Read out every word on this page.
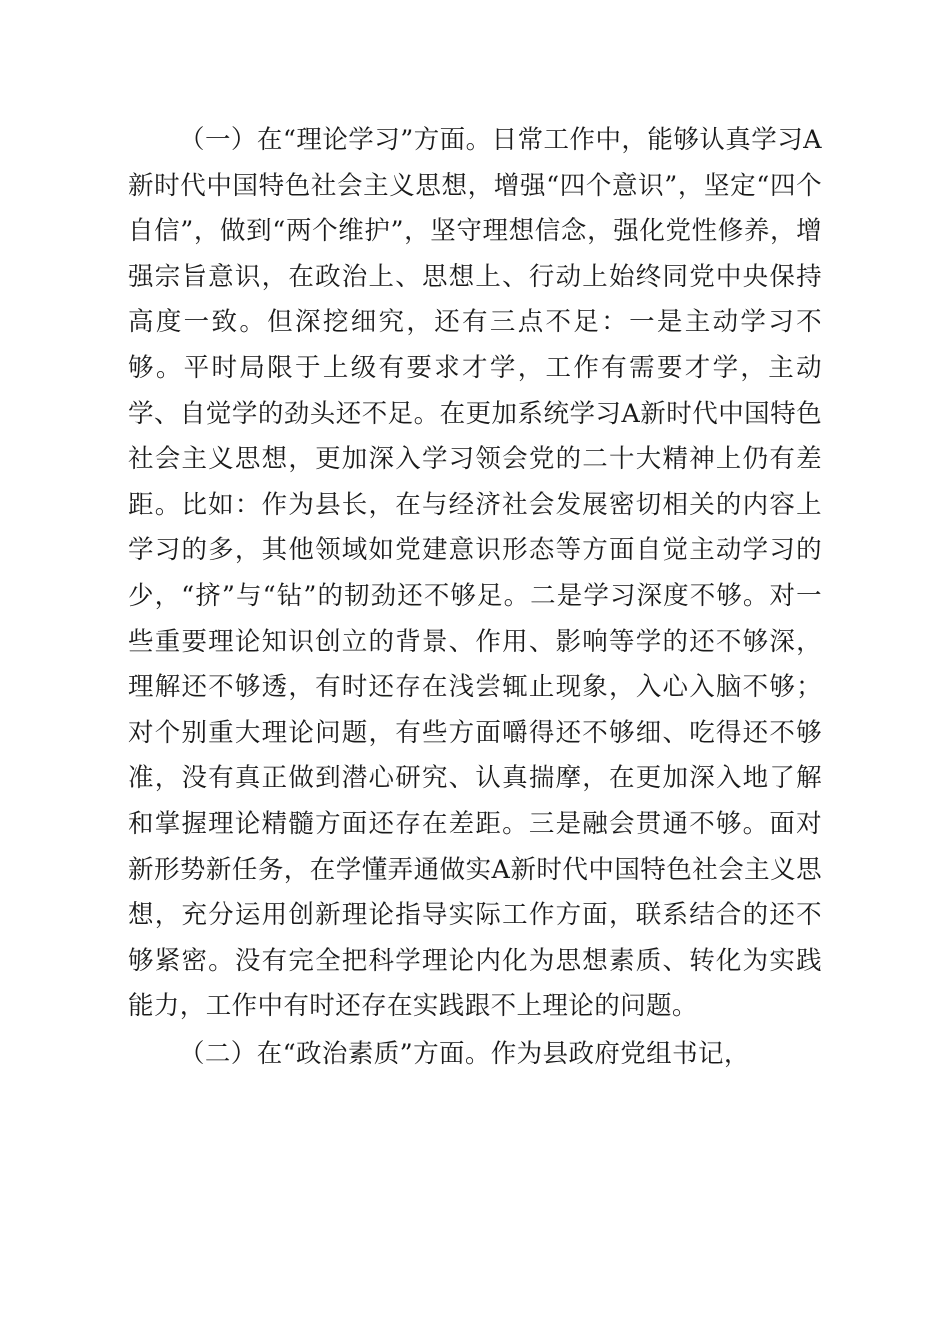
（一）在“理论学习”方面。日常工作中，能够认真学习A新时代中国特色社会主义思想，增强“四个意识”，坚定“四个自信”，做到“两个维护”，坚守理想信念，强化党性修养，增强宗旨意识，在政治上、思想上、行动上始终同党中央保持高度一致。但深挖细究，还有三点不足：一是主动学习不够。平时局限于上级有要求才学，工作有需要才学，主动学、自觉学的劲头还不足。在更加系统学习A新时代中国特色社会主义思想，更加深入学习领会党的二十大精神上仍有差距。比如：作为县长，在与经济社会发展密切相关的内容上学习的多，其他领域如党建意识形态等方面自觉主动学习的少，“挤”与“钻”的韧劲还不够足。二是学习深度不够。对一些重要理论知识创立的背景、作用、影响等学的还不够深，理解还不够透，有时还存在浅尝辄止现象，入心入脑不够；对个别重大理论问题，有些方面嚼得还不够细、吃得还不够准，没有真正做到潜心研究、认真揣摩，在更加深入地了解和掌握理论精髓方面还存在差距。三是融会贯通不够。面对新形势新任务，在学懂弄通做实A新时代中国特色社会主义思想，充分运用创新理论指导实际工作方面，联系结合的还不够紧密。没有完全把科学理论内化为思想素质、转化为实践能力，工作中有时还存在实践跟不上理论的问题。

（二）在“政治素质”方面。作为县政府党组书记，
